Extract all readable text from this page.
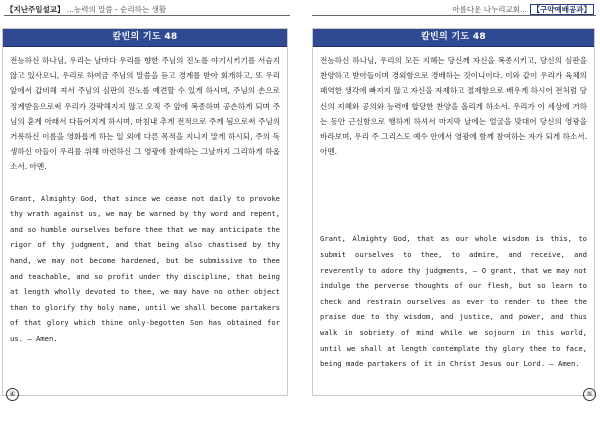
【지난주일설교】 ...능력의 말씀 - 순리하는 생활	아름다운 나누리교회... 【구약예배공과】
칼빈의 기도 48

전능하신 하나님, 우리는 날마다 우리를 향한 주님의 진노를 야기시키기를 서슴지 않고 있사오니, 우리로 하여금 주님의 말씀을 듣고 경계를 받아 회개하고, 또 우리 앞에서 갑비해 져서 주님의 심판의 진노를 예견할 수 있게 하시며, 주님의 손으로 징계받음으로써 우리가 강퍅해지지 않고 오직 주 앞에 복종하며 공손하게 되며 주님의 훈계 아래서 다듬어지게 하시며, 마침내 추게 전적으로 주께 됨으로써 주님의 거룩하신 이름을 영화롭게 하는 일 외에 다른 목적을 지니지 말게 하시되, 주의 독생하신 아들이 우리를 위해 마련하신 그 영광에 참예하는 그날까지 그리하게 하옵소서. 아멘.

Grant, Almighty God, that since we cease not daily to provoke thy wrath against us, we may be warned by thy word and repent, and so humble ourselves before thee that we may anticipate the rigor of thy judgment, and that being also chastised by thy hand, we may not become hardened, but be submissive to thee and teachable, and so profit under thy discipline, that being at length wholly devoted to thee, we may have no other object than to glorify thy holy name, until we shall become partakers of that glory which thine only-begotten Son has obtained for us. — Amen.

칼빈의 기도 48

전능하신 하나님, 우리의 모든 지혜는 당신께 자신을 복종시키고, 당신의 심판을 찬양하고 받아들이며 경외함으로 경배하는 것이니이다. 이와 같이 우리가 육체의 패역한 생각에 빠지지 않고 자신을 자제하고 절제함으로 배우게 하시어 전처럼 당신의 지혜와 공의와 능력에 합당한 찬양을 올리게 하소서. 우리가 이 세상에 거하는 동안 근신함으로 행하게 하셔서 마지막 날에는 얼굴을 맞대어 당신의 영광을 바라보며, 우리 주 그리스도 예수 안에서 영광에 함께 참여하는 자가 되게 하소서. 아멘.

Grant, Almighty God, that as our whole wisdom is this, to submit ourselves to thee, to admire, and receive, and reverently to adore thy judgments, — O grant, that we may not indulge the perverse thoughts of our flesh, but so learn to check and restrain ourselves as ever to render to thee the praise due to thy wisdom, and justice, and power, and thus walk in sobriety of mind while we sojourn in this world, until we shall at length contemplate thy glory thee to face, being made partakers of it in Christ Jesus our Lord. — Amen.

④	⑤
